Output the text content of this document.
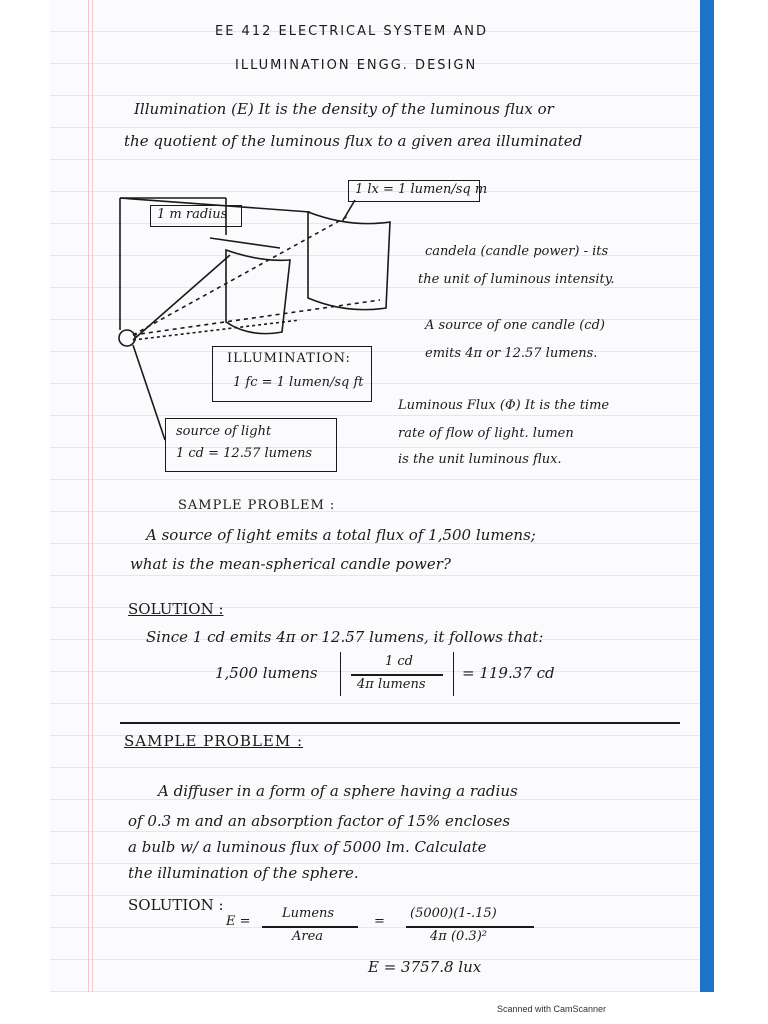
EE 412 ELECTRICAL SYSTEM AND
ILLUMINATION ENGG. DESIGN
Illumination (E) It is the density of the luminous flux or
the quotient of the luminous flux to a given area illuminated
1 m radius
1 lx = 1 lumen/sq m
ILLUMINATION:
1 fc = 1 lumen/sq ft
source of light
1 cd = 12.57 lumens
candela (candle power) - its
the unit of luminous intensity.
A source of one candle (cd)
emits 4π or 12.57 lumens.
Luminous Flux (Φ) It is the time
rate of flow of light. lumen
is the unit luminous flux.
SAMPLE PROBLEM :
A source of light emits a total flux of 1,500 lumens;
what is the mean-spherical candle power?
SOLUTION :
Since 1 cd emits 4π or 12.57 lumens, it follows that:
1,500 lumens
1 cd
4π lumens
= 119.37 cd
SAMPLE PROBLEM :
A diffuser in a form of a sphere having a radius
of 0.3 m and an absorption factor of 15% encloses
a bulb w/ a luminous flux of 5000 lm. Calculate
the illumination of the sphere.
SOLUTION :
E =
Lumens
Area
=
(5000)(1-.15)
4π (0.3)²
E = 3757.8 lux
Scanned with CamScanner
